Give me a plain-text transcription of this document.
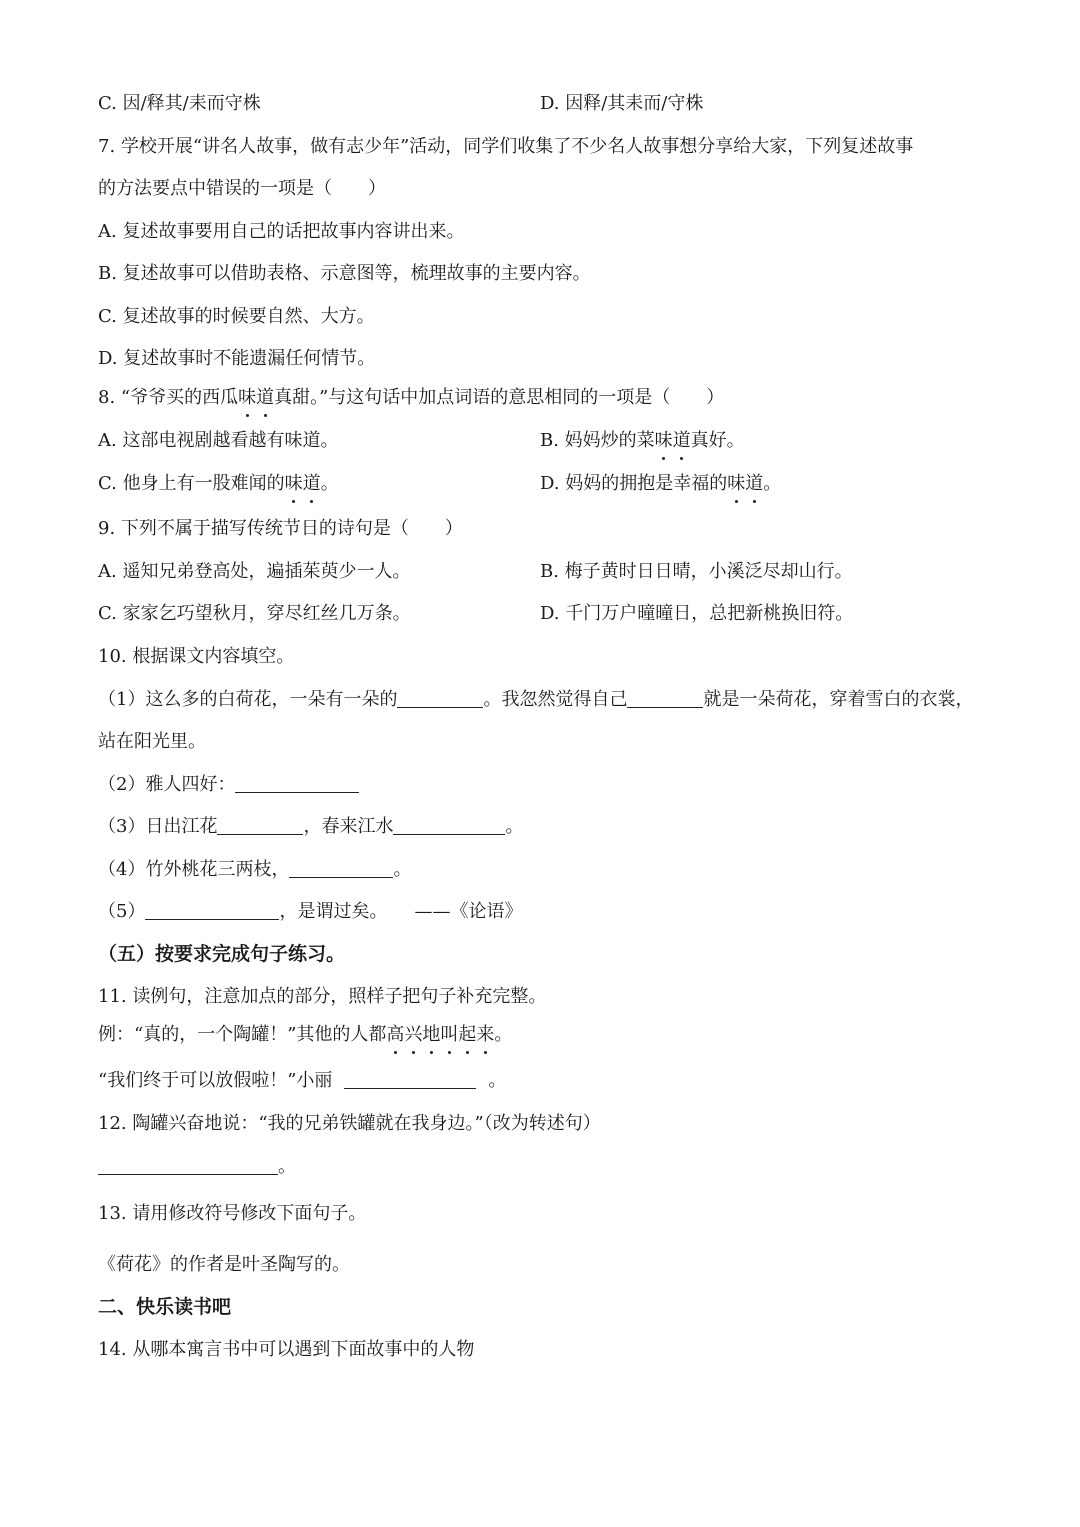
C. 因/释其/耒而守株	D. 因释/其耒而/守株
7. 学校开展“讲名人故事，做有志少年”活动，同学们收集了不少名人故事想分享给大家，下列复述故事
的方法要点中错误的一项是（　　）
A. 复述故事要用自己的话把故事内容讲出来。
B. 复述故事可以借助表格、示意图等，梳理故事的主要内容。
C. 复述故事的时候要自然、大方。
D. 复述故事时不能遗漏任何情节。
8. “爷爷买的西瓜味道真甜。”与这句话中加点词语的意思相同的一项是（　　）
A. 这部电视剧越看越有味道。	B. 妈妈炒的菜味道真好。
C. 他身上有一股难闻的味道。	D. 妈妈的拥抱是幸福的味道。
9. 下列不属于描写传统节日的诗句是（　　）
A. 遥知兄弟登高处，遍插茱萸少一人。	B. 梅子黄时日日晴，小溪泛尽却山行。
C. 家家乞巧望秋月，穿尽红丝几万条。	D. 千门万户曈曈日，总把新桃换旧符。
10. 根据课文内容填空。
（1）这么多的白荷花，一朵有一朵的	。我忽然觉得自己	就是一朵荷花，穿着雪白的衣裳，
站在阳光里。
（2）雅人四好：
（3）日出江花	，春来江水	。
（4）竹外桃花三两枝，	。
（5）	，是谓过矣。　　——《论语》
（五）按要求完成句子练习。
11. 读例句，注意加点的部分，照样子把句子补充完整。
例：“真的，一个陶罐！”其他的人都高兴地叫起来。
“我们终于可以放假啦！”小丽	。
12. 陶罐兴奋地说：“我的兄弟铁罐就在我身边。”（改为转述句）
。
13. 请用修改符号修改下面句子。
《荷花》的作者是叶圣陶写的。
二、快乐读书吧
14. 从哪本寓言书中可以遇到下面故事中的人物
